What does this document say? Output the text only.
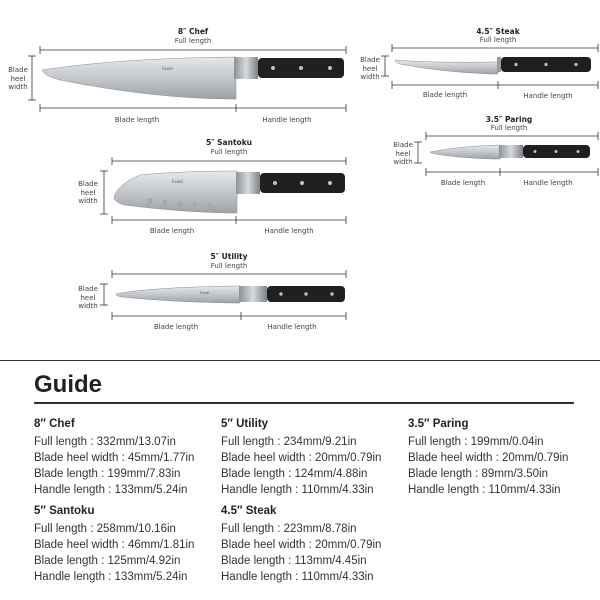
Foodi
Foodi
Foodi
8″ Chef
Full length
Blade
heel
width
Blade length	Handle length
5″ Santoku
Full length
Blade
heel
width
Blade length	Handle length
5″ Utility
Full length
Blade
heel
width
Blade length	Handle length
4.5″ Steak
Full length
Blade
heel
width
Blade length	Handle length
3.5″ Paring
Full length
Blade
heel
width
Blade length	Handle length
Guide
8″ Chef
Full length : 332mm/13.07in
Blade heel width : 45mm/1.77in
Blade length : 199mm/7.83in
Handle length : 133mm/5.24in
5″ Utility
Full length : 234mm/9.21in
Blade heel width : 20mm/0.79in
Blade length : 124mm/4.88in
Handle length : 110mm/4.33in
3.5″ Paring
Full length : 199mm/0.04in
Blade heel width : 20mm/0.79in
Blade length : 89mm/3.50in
Handle length : 110mm/4.33in
5″ Santoku
Full length : 258mm/10.16in
Blade heel width : 46mm/1.81in
Blade length : 125mm/4.92in
Handle length : 133mm/5.24in
4.5″ Steak
Full length : 223mm/8.78in
Blade heel width : 20mm/0.79in
Blade length : 113mm/4.45in
Handle length : 110mm/4.33in
